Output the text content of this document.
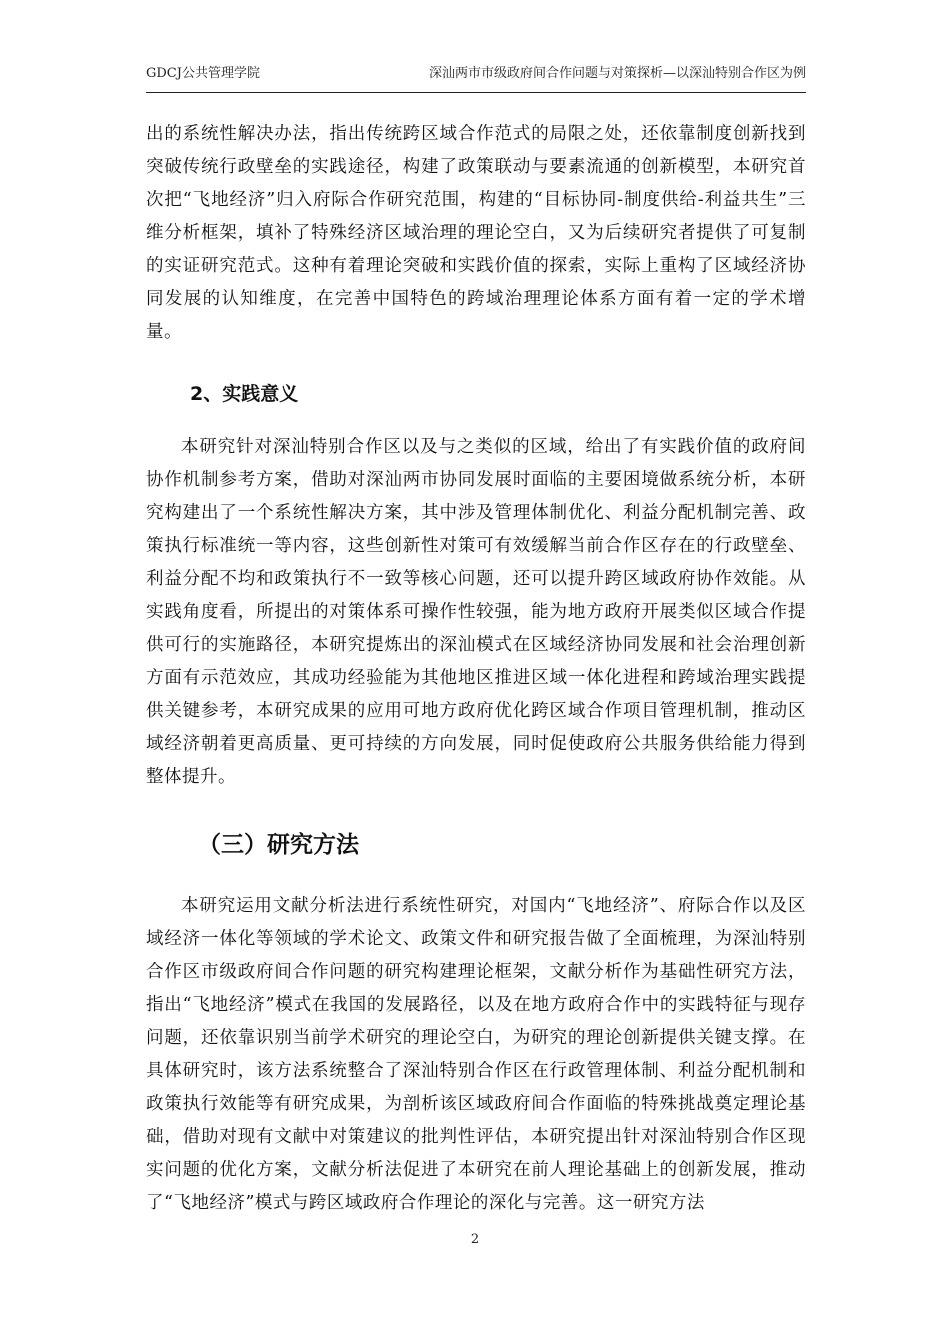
GDCJ公共管理学院	深汕两市市级政府间合作问题与对策探析—以深汕特别合作区为例

出的系统性解决办法，指出传统跨区域合作范式的局限之处，还依靠制度创新找到突破传统行政壁垒的实践途径，构建了政策联动与要素流通的创新模型，本研究首次把“飞地经济”归入府际合作研究范围，构建的“目标协同-制度供给-利益共生”三维分析框架，填补了特殊经济区域治理的理论空白，又为后续研究者提供了可复制的实证研究范式。这种有着理论突破和实践价值的探索，实际上重构了区域经济协同发展的认知维度，在完善中国特色的跨域治理理论体系方面有着一定的学术增量。

2、实践意义

本研究针对深汕特别合作区以及与之类似的区域，给出了有实践价值的政府间协作机制参考方案，借助对深汕两市协同发展时面临的主要困境做系统分析，本研究构建出了一个系统性解决方案，其中涉及管理体制优化、利益分配机制完善、政策执行标准统一等内容，这些创新性对策可有效缓解当前合作区存在的行政壁垒、利益分配不均和政策执行不一致等核心问题，还可以提升跨区域政府协作效能。从实践角度看，所提出的对策体系可操作性较强，能为地方政府开展类似区域合作提供可行的实施路径，本研究提炼出的深汕模式在区域经济协同发展和社会治理创新方面有示范效应，其成功经验能为其他地区推进区域一体化进程和跨域治理实践提供关键参考，本研究成果的应用可地方政府优化跨区域合作项目管理机制，推动区域经济朝着更高质量、更可持续的方向发展，同时促使政府公共服务供给能力得到整体提升。

（三）研究方法

本研究运用文献分析法进行系统性研究，对国内“飞地经济”、府际合作以及区域经济一体化等领域的学术论文、政策文件和研究报告做了全面梳理，为深汕特别合作区市级政府间合作问题的研究构建理论框架，文献分析作为基础性研究方法，指出“飞地经济”模式在我国的发展路径，以及在地方政府合作中的实践特征与现存问题，还依靠识别当前学术研究的理论空白，为研究的理论创新提供关键支撑。在具体研究时，该方法系统整合了深汕特别合作区在行政管理体制、利益分配机制和政策执行效能等有研究成果，为剖析该区域政府间合作面临的特殊挑战奠定理论基础，借助对现有文献中对策建议的批判性评估，本研究提出针对深汕特别合作区现实问题的优化方案，文献分析法促进了本研究在前人理论基础上的创新发展，推动了“飞地经济”模式与跨区域政府合作理论的深化与完善。这一研究方法

2
